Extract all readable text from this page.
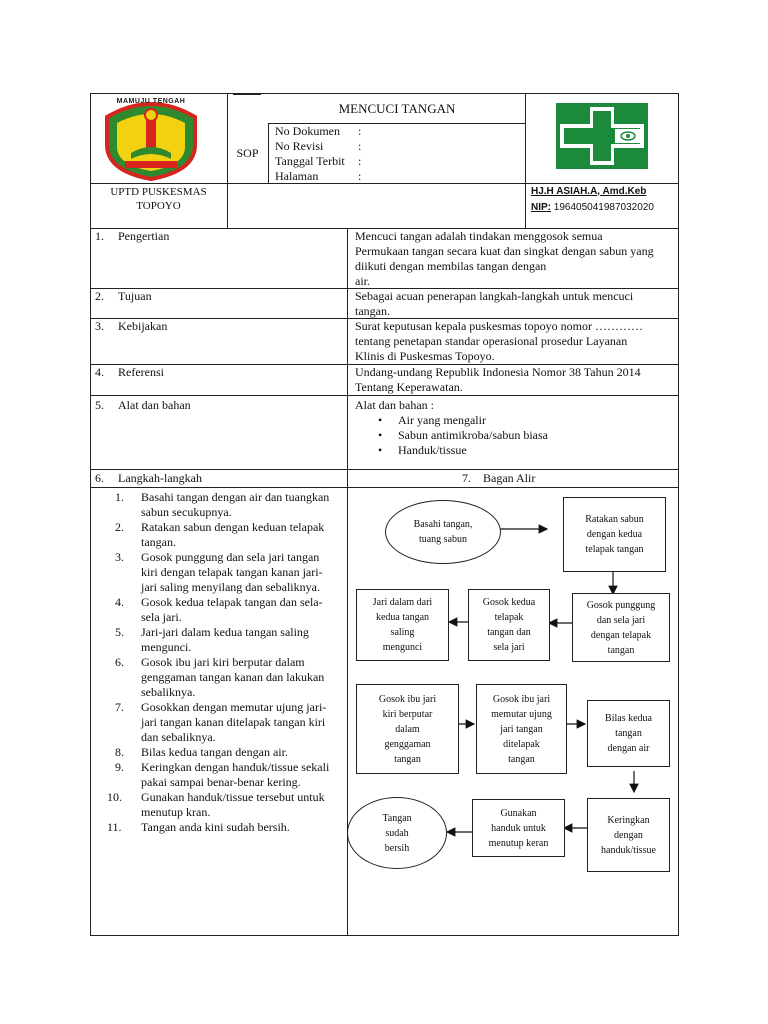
MAMUJU TENGAH	MENCUCI TANGAN
SOP
No Dokumen :
No Revisi	:
Tanggal Terbit :
Halaman	:
UPTD PUSKESMAS
TOPOYO
HJ.H ASIAH.A, Amd.Keb
NIP: 196405041987032020
1. Pengertian	Mencuci tangan adalah tindakan menggosok semua
Permukaan tangan secara kuat dan singkat dengan sabun yang
diikuti dengan membilas tangan dengan
air.
2. Tujuan	Sebagai acuan penerapan langkah-langkah untuk mencuci
tangan.
3. Kebijakan	Surat keputusan kepala puskesmas topoyo nomor …………
tentang penetapan standar operasional prosedur Layanan
Klinis di Puskesmas Topoyo.
4. Referensi	Undang-undang Republik Indonesia Nomor 38 Tahun 2014
Tentang Keperawatan.
5. Alat dan bahan	Alat dan bahan :
• Air yang mengalir
• Sabun antimikroba/sabun biasa
• Handuk/tissue
6. Langkah-langkah	7. Bagan Alir
1. Basahi tangan dengan air dan tuangkan
sabun secukupnya.
2. Ratakan sabun dengan keduan telapak
tangan.
3. Gosok punggung dan sela jari tangan
kiri dengan telapak tangan kanan jari-
jari saling menyilang dan sebaliknya.
4. Gosok kedua telapak tangan dan sela-
sela jari.
5. Jari-jari dalam kedua tangan saling
mengunci.
6. Gosok ibu jari kiri berputar dalam
genggaman tangan kanan dan lakukan
sebaliknya.
7. Gosokkan dengan memutar ujung jari-
jari tangan kanan ditelapak tangan kiri
dan sebaliknya.
8. Bilas kedua tangan dengan air.
9. Keringkan dengan handuk/tissue sekali
pakai sampai benar-benar kering.
10. Gunakan handuk/tissue tersebut untuk
menutup kran.
11. Tangan anda kini sudah bersih.
Basahi tangan,
tuang sabun
Ratakan sabun
dengan kedua
telapak tangan
Gosok punggung
dan sela jari
dengan telapak
tangan
Gosok kedua
telapak
tangan dan
sela jari
Jari dalam dari
kedua tangan
saling
mengunci
Gosok ibu jari
kiri berputar
dalam
genggaman
tangan
Gosok ibu jari
memutar ujung
jari tangan
ditelapak
tangan
Bilas kedua
tangan
dengan air
Keringkan
dengan
handuk/tissue
Gunakan
handuk untuk
menutup keran
Tangan
sudah
bersih
